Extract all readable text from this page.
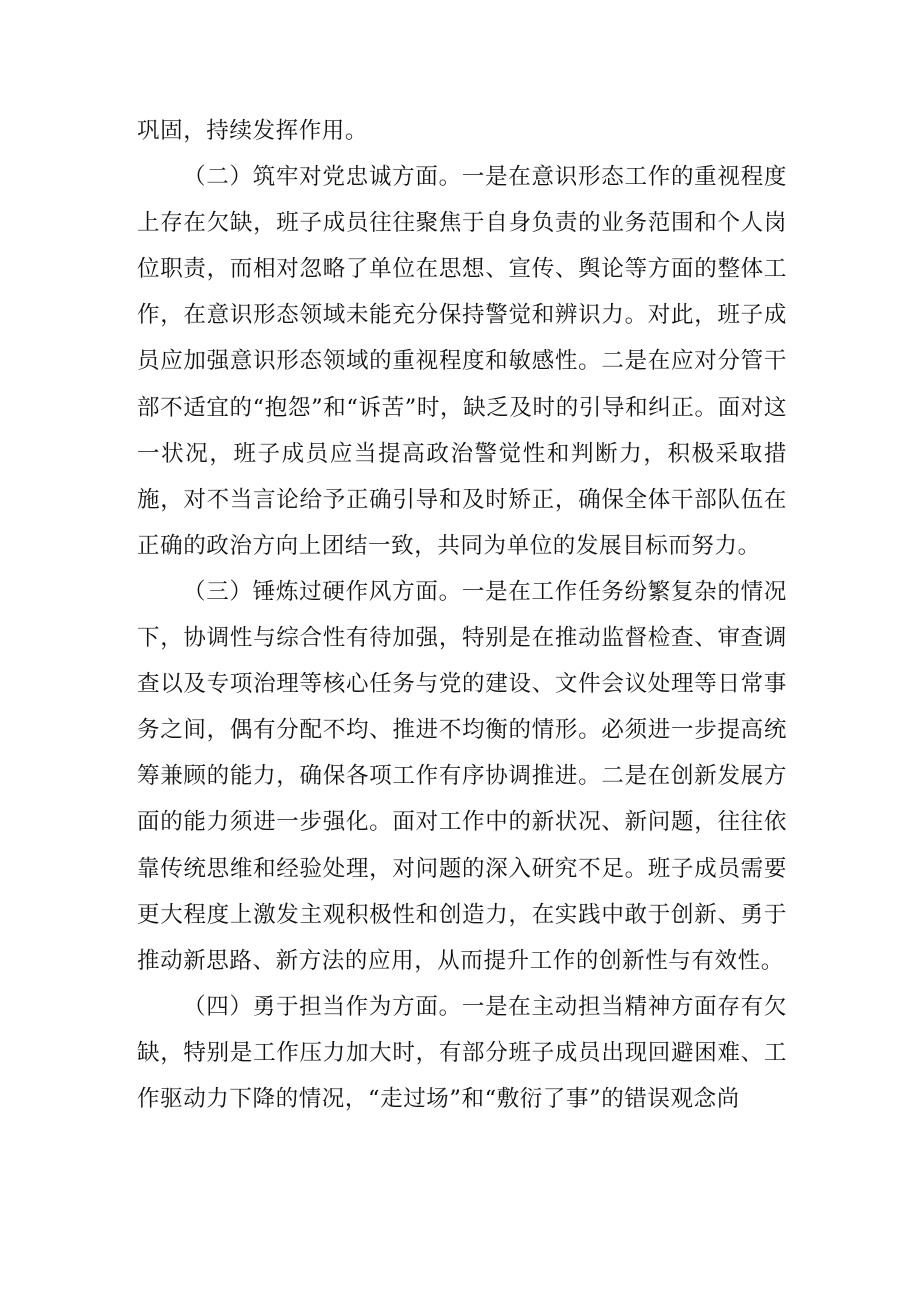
巩固，持续发挥作用。

（二）筑牢对党忠诚方面。一是在意识形态工作的重视程度上存在欠缺，班子成员往往聚焦于自身负责的业务范围和个人岗位职责，而相对忽略了单位在思想、宣传、舆论等方面的整体工作，在意识形态领域未能充分保持警觉和辨识力。对此，班子成员应加强意识形态领域的重视程度和敏感性。二是在应对分管干部不适宜的“抱怨”和“诉苦”时，缺乏及时的引导和纠正。面对这一状况，班子成员应当提高政治警觉性和判断力，积极采取措施，对不当言论给予正确引导和及时矫正，确保全体干部队伍在正确的政治方向上团结一致，共同为单位的发展目标而努力。

（三）锤炼过硬作风方面。一是在工作任务纷繁复杂的情况下，协调性与综合性有待加强，特别是在推动监督检查、审查调查以及专项治理等核心任务与党的建设、文件会议处理等日常事务之间，偶有分配不均、推进不均衡的情形。必须进一步提高统筹兼顾的能力，确保各项工作有序协调推进。二是在创新发展方面的能力须进一步强化。面对工作中的新状况、新问题，往往依靠传统思维和经验处理，对问题的深入研究不足。班子成员需要更大程度上激发主观积极性和创造力，在实践中敢于创新、勇于推动新思路、新方法的应用，从而提升工作的创新性与有效性。

（四）勇于担当作为方面。一是在主动担当精神方面存有欠缺，特别是工作压力加大时，有部分班子成员出现回避困难、工作驱动力下降的情况，“走过场”和“敷衍了事”的错误观念尚
